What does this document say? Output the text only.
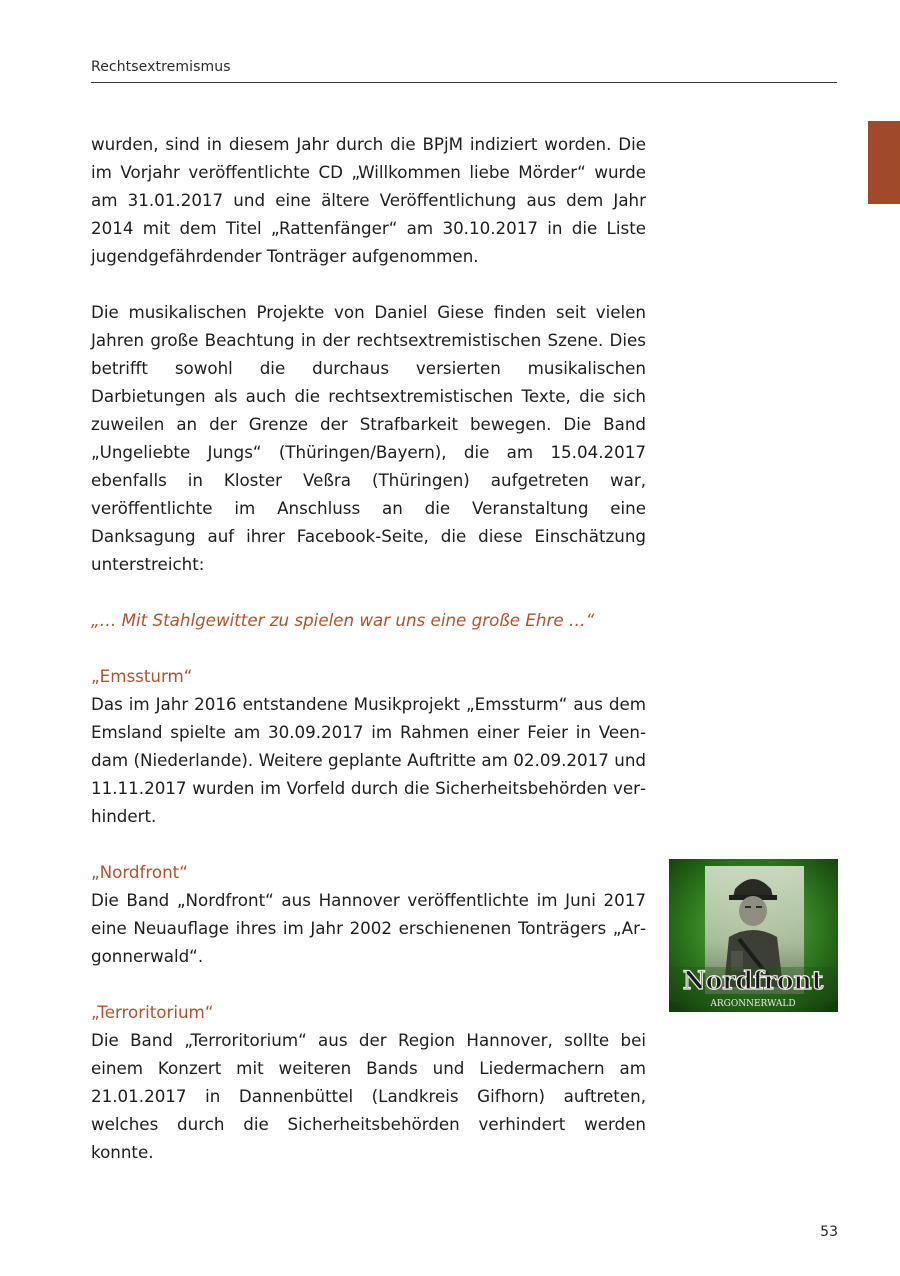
Rechtsextremismus

wurden, sind in diesem Jahr durch die BPjM indiziert worden. Die im Vorjahr veröffentlichte CD „Willkommen liebe Mörder“ wurde am 31.01.2017 und eine ältere Veröffentlichung aus dem Jahr 2014 mit dem Titel „Rattenfänger“ am 30.10.2017 in die Liste jugendgefährdender Tonträger aufgenommen.

Die musikalischen Projekte von Daniel Giese finden seit vielen Jahren große Beachtung in der rechtsextremistischen Szene. Dies betrifft sowohl die durchaus versierten musikalischen Darbietungen als auch die rechtsextremistischen Texte, die sich zuweilen an der Grenze der Strafbarkeit bewegen. Die Band „Ungeliebte Jungs“ (Thüringen/​Bayern), die am 15.04.2017 ebenfalls in Kloster Veßra (Thüringen) aufgetreten war, veröffentlichte im Anschluss an die Veranstaltung eine Danksagung auf ihrer Facebook-Seite, die diese Einschätzung unterstreicht:

„… Mit Stahlgewitter zu spielen war uns eine große Ehre …“

„Emssturm“

Das im Jahr 2016 entstandene Musikprojekt „Emssturm“ aus dem Emsland spielte am 30.09.2017 im Rahmen einer Feier in Veendam (Niederlande). Weitere geplante Auftritte am 02.09.2017 und 11.11.2017 wurden im Vorfeld durch die Sicherheitsbehörden verhindert.

„Nordfront“

Die Band „Nordfront“ aus Hannover veröffentlichte im Juni 2017 eine Neuauflage ihres im Jahr 2002 erschienenen Tonträgers „Argonnerwald“.

„Terroritorium“

Die Band „Terroritorium“ aus der Region Hannover, sollte bei einem Konzert mit weiteren Bands und Liedermachern am 21.01.2017 in Dannenbüttel (Landkreis Gifhorn) auftreten, welches durch die Sicherheitsbehörden verhindert werden konnte.

Nordfront
ARGONNERWALD
53
